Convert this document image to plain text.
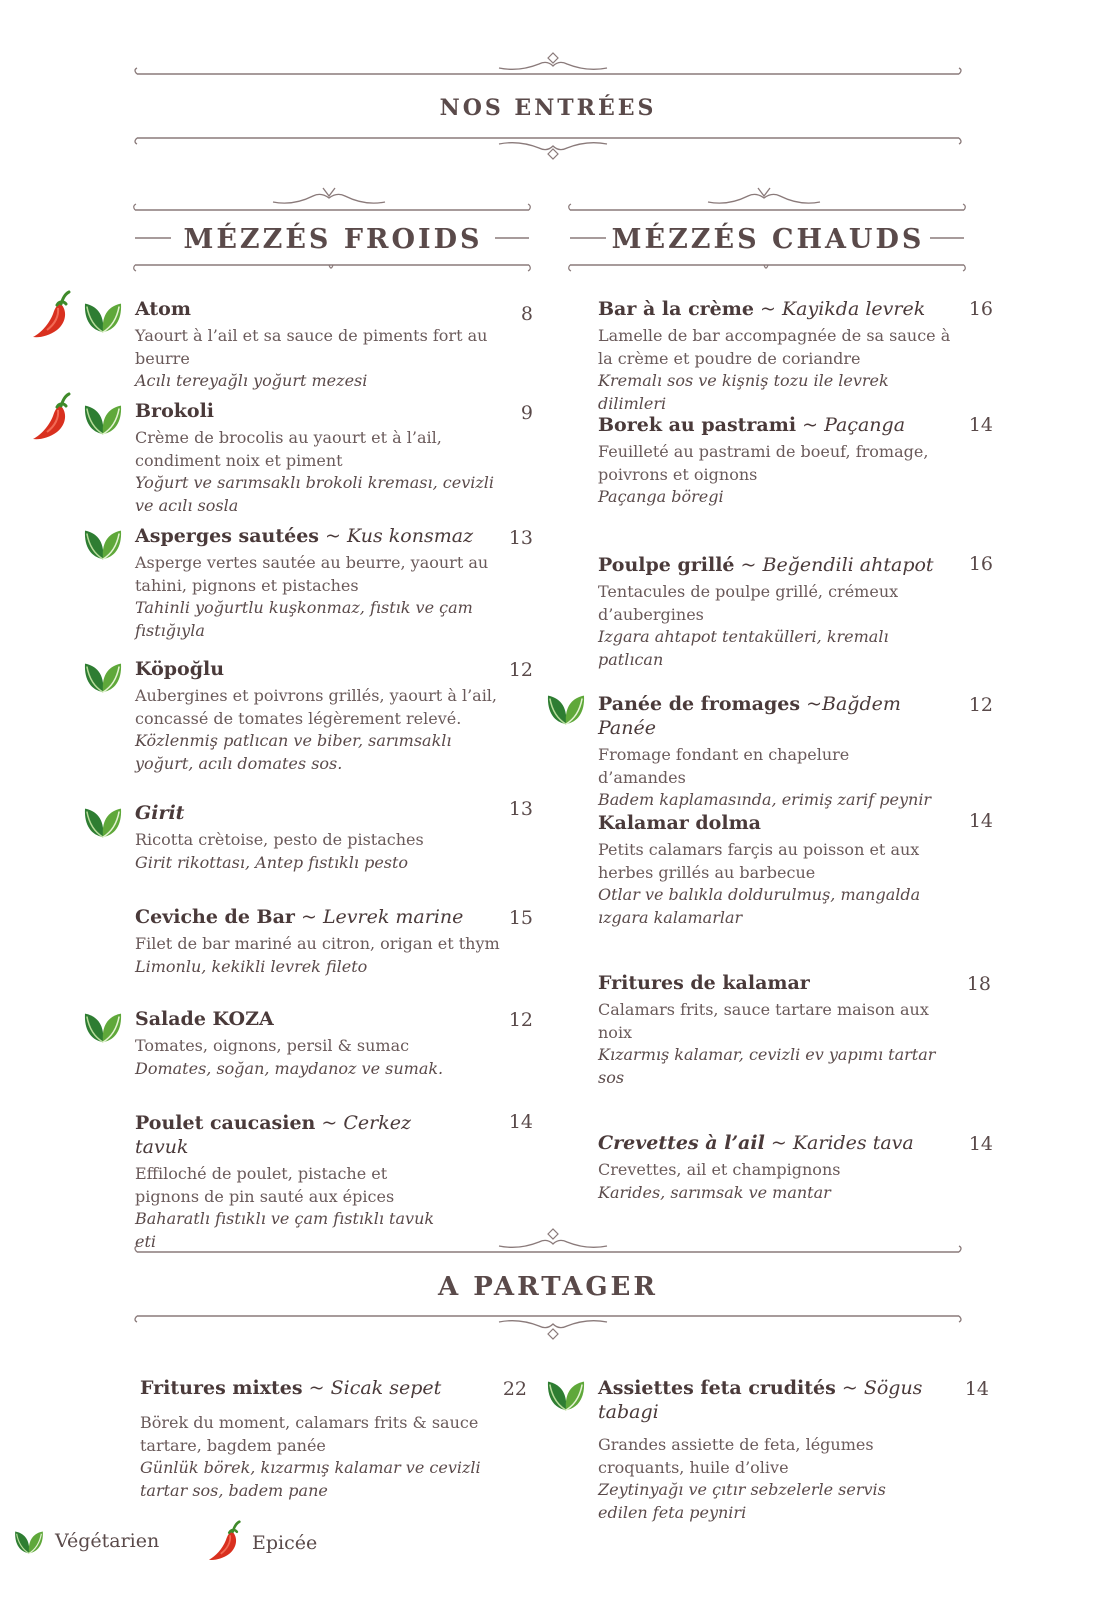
NOS ENTRÉES
MÉZZÉS FROIDS	MÉZZÉS CHAUDS
Atom
Yaourt à l’ail et sa sauce de piments fort au beurre
Acılı tereyağlı yoğurt mezesi
8
Brokoli
Crème de brocolis au yaourt et à l’ail, condiment noix et piment
Yoğurt ve sarımsaklı brokoli kreması, cevizli ve acılı sosla
9
Asperges sautées ~ Kus konsmaz
Asperge vertes sautée au beurre, yaourt au tahini, pignons et pistaches
Tahinli yoğurtlu kuşkonmaz, fıstık ve çam fıstığıyla
13
Köpoğlu
Aubergines et poivrons grillés, yaourt à l’ail, concassé de tomates légèrement relevé.
Közlenmiş patlıcan ve biber, sarımsaklı yoğurt, acılı domates sos.
12
Girit
Ricotta crètoise, pesto de pistaches
Girit rikottası, Antep fıstıklı pesto
13
Ceviche de Bar ~ Levrek marine
Filet de bar mariné au citron, origan et thym
Limonlu, kekikli levrek fileto
15
Salade KOZA
Tomates, oignons, persil & sumac
Domates, soğan, maydanoz ve sumak.
12
Poulet caucasien ~ Cerkez tavuk
Effiloché de poulet, pistache et pignons de pin sauté aux épices
Baharatlı fıstıklı ve çam fıstıklı tavuk eti
14
Bar à la crème ~ Kayikda levrek
Lamelle de bar accompagnée de sa sauce à la crème et poudre de coriandre
Kremalı sos ve kişniş tozu ile levrek dilimleri
16
Borek au pastrami ~ Paçanga
Feuilleté au pastrami de boeuf, fromage, poivrons et oignons
Paçanga böregi
14
Poulpe grillé ~ Beğendili ahtapot
Tentacules de poulpe grillé, crémeux d’aubergines
Izgara ahtapot tentakülleri, kremalı patlıcan
16
Panée de fromages ~Bağdem Panée
Fromage fondant en chapelure d’amandes
Badem kaplamasında, erimiş zarif peynir
12
Kalamar dolma
Petits calamars farçis au poisson et aux herbes grillés au barbecue
Otlar ve balıkla doldurulmuş, mangalda ızgara kalamarlar
14
Fritures de kalamar
Calamars frits, sauce tartare maison aux noix
Kızarmış kalamar, cevizli ev yapımı tartar sos
18
Crevettes à l’ail ~ Karides tava
Crevettes, ail et champignons
Karides, sarımsak ve mantar
14
A PARTAGER
Fritures mixtes ~ Sicak sepet
Börek du moment, calamars frits & sauce tartare, bagdem panée
Günlük börek, kızarmış kalamar ve cevizli tartar sos, badem pane
22	Assiettes feta crudités ~ Sögus tabagi
Grandes assiette de feta, légumes croquants, huile d’olive
Zeytinyağı ve çıtır sebzelerle servis edilen feta peyniri
14
Végétarien	Epicée
